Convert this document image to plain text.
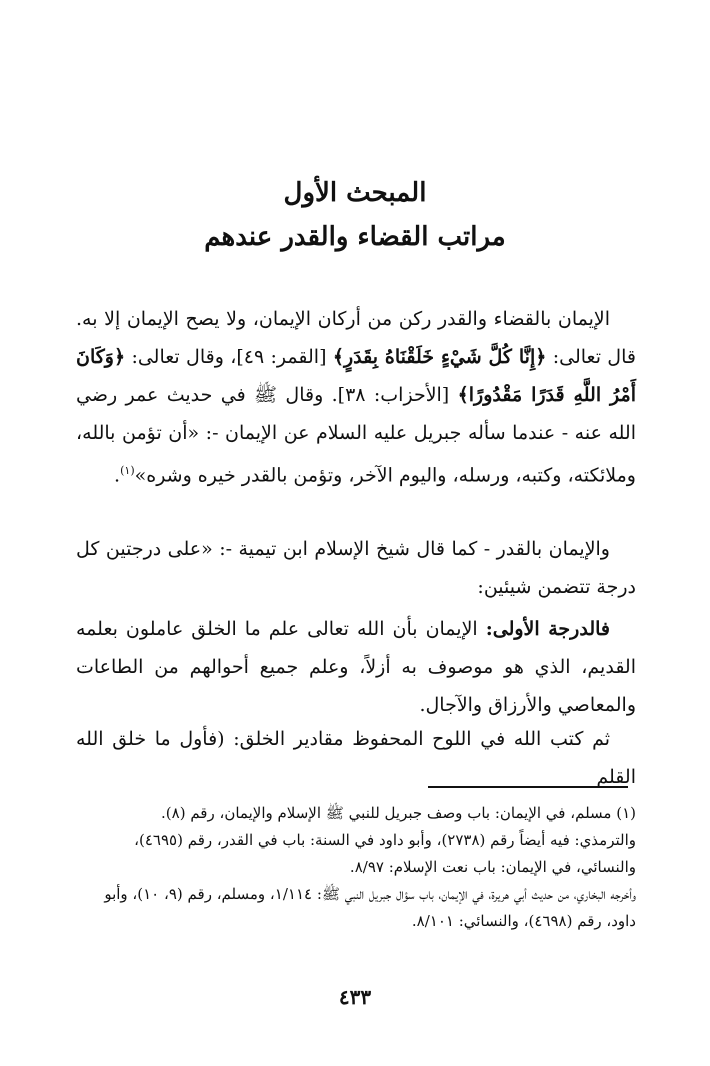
المبحث الأول
مراتب القضاء والقدر عندهم

الإيمان بالقضاء والقدر ركن من أركان الإيمان، ولا يصح الإيمان إلا به. قال تعالى: ﴿إِنَّا كُلَّ شَيْءٍ خَلَقْنَاهُ بِقَدَرٍ﴾ [القمر: ٤٩]، وقال تعالى: ﴿وَكَانَ أَمْرُ اللَّهِ قَدَرًا مَقْدُورًا﴾ [الأحزاب: ٣٨]. وقال ﷺ في حديث عمر رضي الله عنه - عندما سأله جبريل عليه السلام عن الإيمان -: «أن تؤمن بالله، وملائكته، وكتبه، ورسله، واليوم الآخر، وتؤمن بالقدر خيره وشره»$^{(١)}$.

والإيمان بالقدر - كما قال شيخ الإسلام ابن تيمية -: «على درجتين كل درجة تتضمن شيئين:

فالدرجة الأولى: الإيمان بأن الله تعالى علم ما الخلق عاملون بعلمه القديم، الذي هو موصوف به أزلاً، وعلم جميع أحوالهم من الطاعات والمعاصي والأرزاق والآجال.

ثم كتب الله في اللوح المحفوظ مقادير الخلق: (فأول ما خلق الله القلم

(١) مسلم، في الإيمان: باب وصف جبريل للنبي ﷺ الإسلام والإيمان، رقم (٨).
والترمذي: فيه أيضاً رقم (٢٧٣٨)، وأبو داود في السنة: باب في القدر، رقم (٤٦٩٥)، والنسائي، في الإيمان: باب نعت الإسلام: ٨/٩٧.
وأخرجه البخاري، من حديث أبي هريرة، في الإيمان، باب سؤال جبريل النبي ﷺ: ١/١١٤، ومسلم، رقم (٩، ١٠)، وأبو داود، رقم (٤٦٩٨)، والنسائي: ٨/١٠١.
٤٣٣
